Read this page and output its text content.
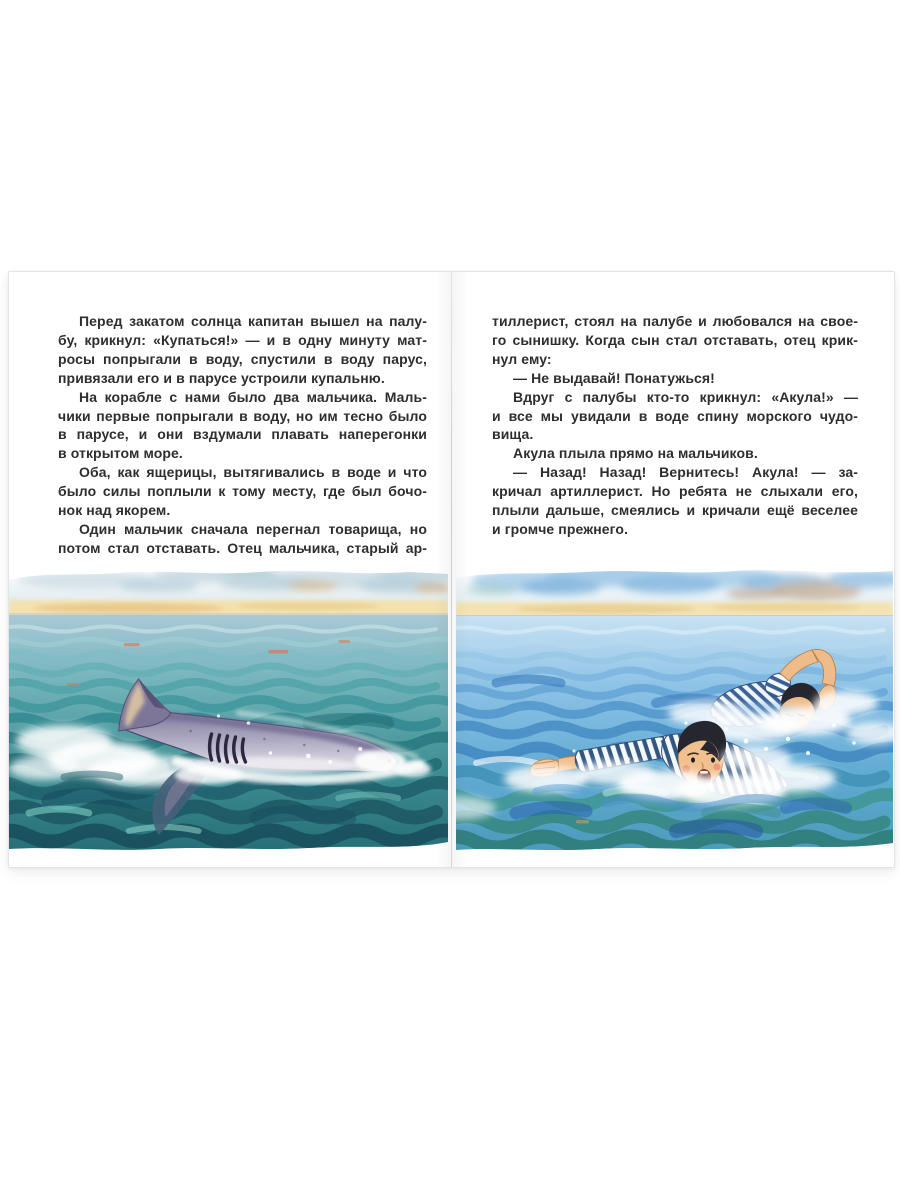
Перед закатом солнца капитан вышел на палу-
бу, крикнул: «Купаться!» — и в одну минуту мат-
росы попрыгали в воду, спустили в воду парус,
привязали его и в парусе устроили купальню.
На корабле с нами было два мальчика. Маль-
чики первые попрыгали в воду, но им тесно было
в парусе, и они вздумали плавать наперегонки
в открытом море.
Оба, как ящерицы, вытягивались в воде и что
было силы поплыли к тому месту, где был бочо-
нок над якорем.
Один мальчик сначала перегнал товарища, но
потом стал отставать. Отец мальчика, старый ар-
тиллерист, стоял на палубе и любовался на свое-
го сынишку. Когда сын стал отставать, отец крик-
нул ему:
— Не выдавай! Понатужься!
Вдруг с палубы кто-то крикнул: «Акула!» —
и все мы увидали в воде спину морского чудо-
вища.
Акула плыла прямо на мальчиков.
— Назад! Назад! Вернитесь! Акула! — за-
кричал артиллерист. Но ребята не слыхали его,
плыли дальше, смеялись и кричали ещё веселее
и громче прежнего.
